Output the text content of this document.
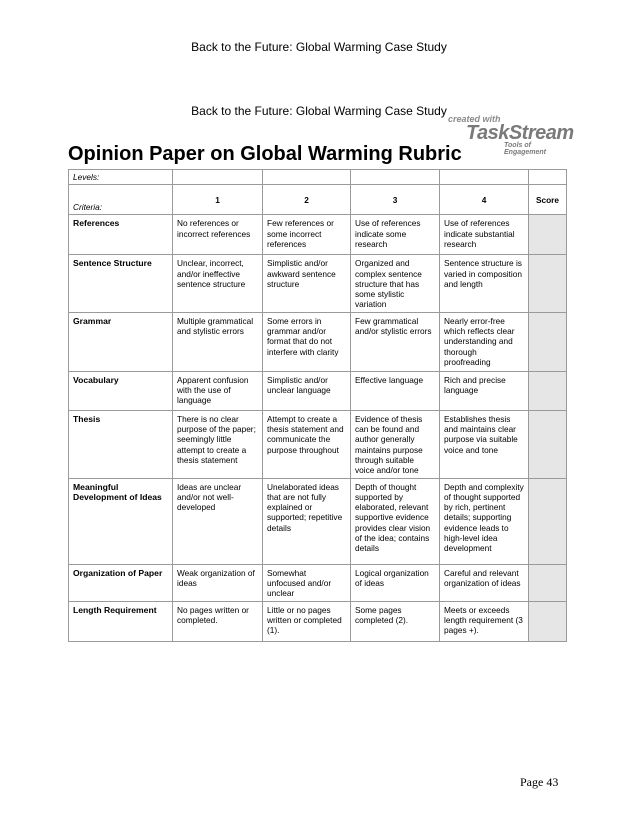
Back to the Future: Global Warming Case Study
Back to the Future: Global Warming Case Study
created with
TaskStream
Tools of Engagement
Opinion Paper on Global Warming Rubric
Levels:					
Criteria:	1	2	3	4	Score
References	No references or incorrect references	Few references or some incorrect references	Use of references indicate some research	Use of references indicate substantial research	
Sentence Structure	Unclear, incorrect, and/or ineffective sentence structure	Simplistic and/or awkward sentence structure	Organized and complex sentence structure that has some stylistic variation	Sentence structure is varied in composition and length	
Grammar	Multiple grammatical and stylistic errors	Some errors in grammar and/or format that do not interfere with clarity	Few grammatical and/or stylistic errors	Nearly error-free which reflects clear understanding and thorough proofreading	
Vocabulary	Apparent confusion with the use of language	Simplistic and/or unclear language	Effective language	Rich and precise language	
Thesis	There is no clear purpose of the paper; seemingly little attempt to create a thesis statement	Attempt to create a thesis statement and communicate the purpose throughout	Evidence of thesis can be found and author generally maintains purpose through suitable voice and/or tone	Establishes thesis and maintains clear purpose via suitable voice and tone	
Meaningful Development of Ideas	Ideas are unclear and/or not well-developed	Unelaborated ideas that are not fully explained or supported; repetitive details	Depth of thought supported by elaborated, relevant supportive evidence provides clear vision of the idea; contains details	Depth and complexity of thought supported by rich, pertinent details; supporting evidence leads to high-level idea development	
Organization of Paper	Weak organization of ideas	Somewhat unfocused and/or unclear	Logical organization of ideas	Careful and relevant organization of ideas	
Length Requirement	No pages written or completed.	Little or no pages written or completed (1).	Some pages completed (2).	Meets or exceeds length requirement (3 pages +).	
Page 43
